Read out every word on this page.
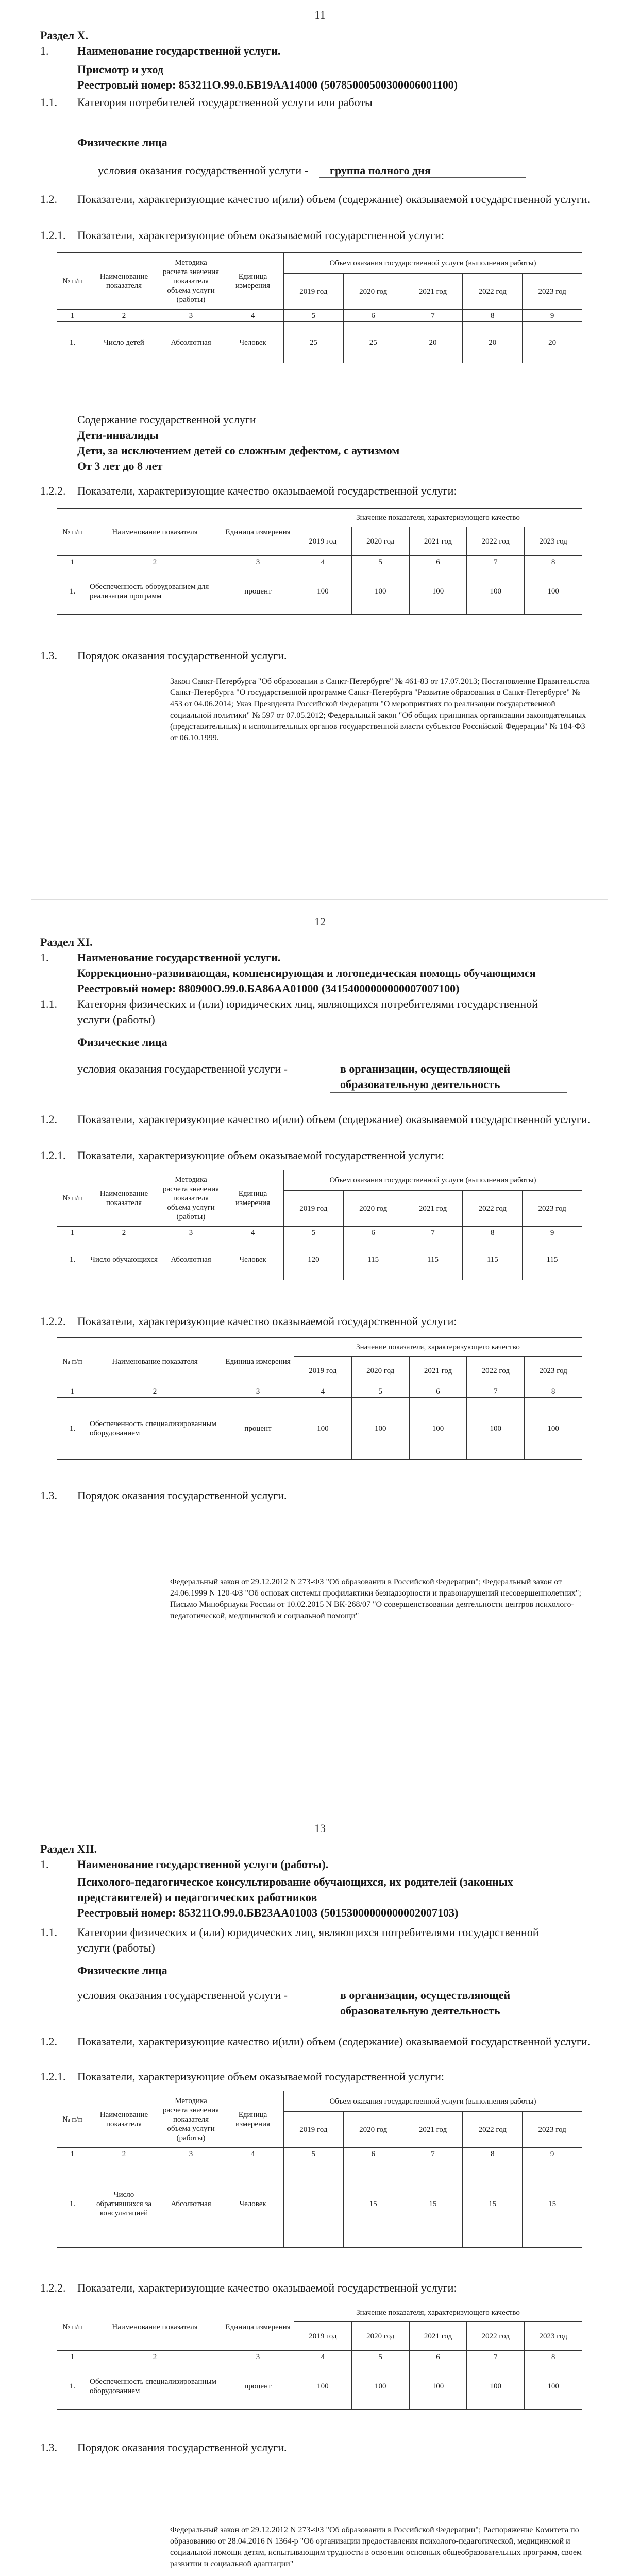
11
Раздел X.
1.	Наименование государственной услуги.
Присмотр и уход
Реестровый номер: 853211О.99.0.БВ19АА14000 (50785000500300006001100)
1.1. Категория потребителей государственной услуги или работы
Физические лица
условия оказания государственной услуги - группа полного дня
1.2. Показатели, характеризующие качество и(или) объем (содержание) оказываемой государственной услуги.
1.2.1. Показатели, характеризующие объем оказываемой государственной услуги:
№ п/п	Наименование показателя	Методика расчета значения показателя объема услуги (работы)	Единица измерения	Объем оказания государственной услуги (выполнения работы)				
				2019 год	2020 год	2021 год	2022 год	2023 год
1	2	3	4	5	6	7	8	9
1.	Число детей	Абсолютная	Человек	25	25	20	20	20
Содержание государственной услуги
Дети-инвалиды
Дети, за исключением детей со сложным дефектом, с аутизмом
От 3 лет до 8 лет
1.2.2. Показатели, характеризующие качество оказываемой государственной услуги:
№ п/п	Наименование показателя	Единица измерения	Значение показателя, характеризующего качество				
			2019 год	2020 год	2021 год	2022 год	2023 год
1	2	3	4	5	6	7	8
1.	Обеспеченность оборудованием для реализации программ	процент	100	100	100	100	100
1.3. Порядок оказания государственной услуги.
Закон Санкт-Петербурга "Об образовании в Санкт-Петербурге" № 461-83 от 17.07.2013; Постановление Правительства Санкт-Петербурга "О государственной программе Санкт-Петербурга "Развитие образования в Санкт-Петербурге" № 453 от 04.06.2014; Указ Президента Российской Федерации "О мероприятиях по реализации государственной социальной политики" № 597 от 07.05.2012; Федеральный закон "Об общих принципах организации законодательных (представительных) и исполнительных органов государственной власти субъектов Российской Федерации" № 184-ФЗ от 06.10.1999.
12
Раздел XI.
1.	Наименование государственной услуги.
Коррекционно-развивающая, компенсирующая и логопедическая помощь обучающимся
Реестровый номер: 880900О.99.0.БА86АА01000 (34154000000000007007100)
1.1. Категория физических и (или) юридических лиц, являющихся потребителями государственной услуги (работы)
Физические лица
условия оказания государственной услуги -	в организации, осуществляющей образовательную деятельность
1.2. Показатели, характеризующие качество и(или) объем (содержание) оказываемой государственной услуги.
1.2.1. Показатели, характеризующие объем оказываемой государственной услуги:
№ п/п	Наименование показателя	Методика расчета значения показателя объема услуги (работы)	Единица измерения	Объем оказания государственной услуги (выполнения работы)				
				2019 год	2020 год	2021 год	2022 год	2023 год
1	2	3	4	5	6	7	8	9
1.	Число обучающихся	Абсолютная	Человек	120	115	115	115	115
1.2.2. Показатели, характеризующие качество оказываемой государственной услуги:
№ п/п	Наименование показателя	Единица измерения	Значение показателя, характеризующего качество				
			2019 год	2020 год	2021 год	2022 год	2023 год
1	2	3	4	5	6	7	8
1.	Обеспеченность специализированным оборудованием	процент	100	100	100	100	100
1.3. Порядок оказания государственной услуги.
Федеральный закон от 29.12.2012 N 273-ФЗ "Об образовании в Российской Федерации"; Федеральный закон от 24.06.1999 N 120-ФЗ "Об основах системы профилактики безнадзорности и правонарушений несовершеннолетних"; Письмо Минобрнауки России от 10.02.2015 N ВК-268/07 "О совершенствовании деятельности центров психолого-педагогической, медицинской и социальной помощи"
13
Раздел XII.
1.	Наименование государственной услуги (работы).
Психолого-педагогическое консультирование обучающихся, их родителей (законных представителей) и педагогических работников
Реестровый номер: 853211О.99.0.БВ23АА01003 (50153000000000002007103)
1.1. Категории физических и (или) юридических лиц, являющихся потребителями государственной услуги (работы)
Физические лица
условия оказания государственной услуги -	в организации, осуществляющей образовательную деятельность
1.2. Показатели, характеризующие качество и(или) объем (содержание) оказываемой государственной услуги.
1.2.1. Показатели, характеризующие объем оказываемой государственной услуги:
№ п/п	Наименование показателя	Методика расчета значения показателя объема услуги (работы)	Единица измерения	Объем оказания государственной услуги (выполнения работы)				
				2019 год	2020 год	2021 год	2022 год	2023 год
1	2	3	4	5	6	7	8	9
1.	Число обратившихся за консультацией	Абсолютная	Человек		15	15	15	15
1.2.2. Показатели, характеризующие качество оказываемой государственной услуги:
№ п/п	Наименование показателя	Единица измерения	Значение показателя, характеризующего качество				
			2019 год	2020 год	2021 год	2022 год	2023 год
1	2	3	4	5	6	7	8
1.	Обеспеченность специализированным оборудованием	процент	100	100	100	100	100
1.3. Порядок оказания государственной услуги.
Федеральный закон от 29.12.2012 N 273-ФЗ "Об образовании в Российской Федерации"; Распоряжение Комитета по образованию от 28.04.2016 N 1364-р "Об организации предоставления психолого-педагогической, медицинской и социальной помощи детям, испытывающим трудности в освоении основных общеобразовательных программ, своем развитии и социальной адаптации"
